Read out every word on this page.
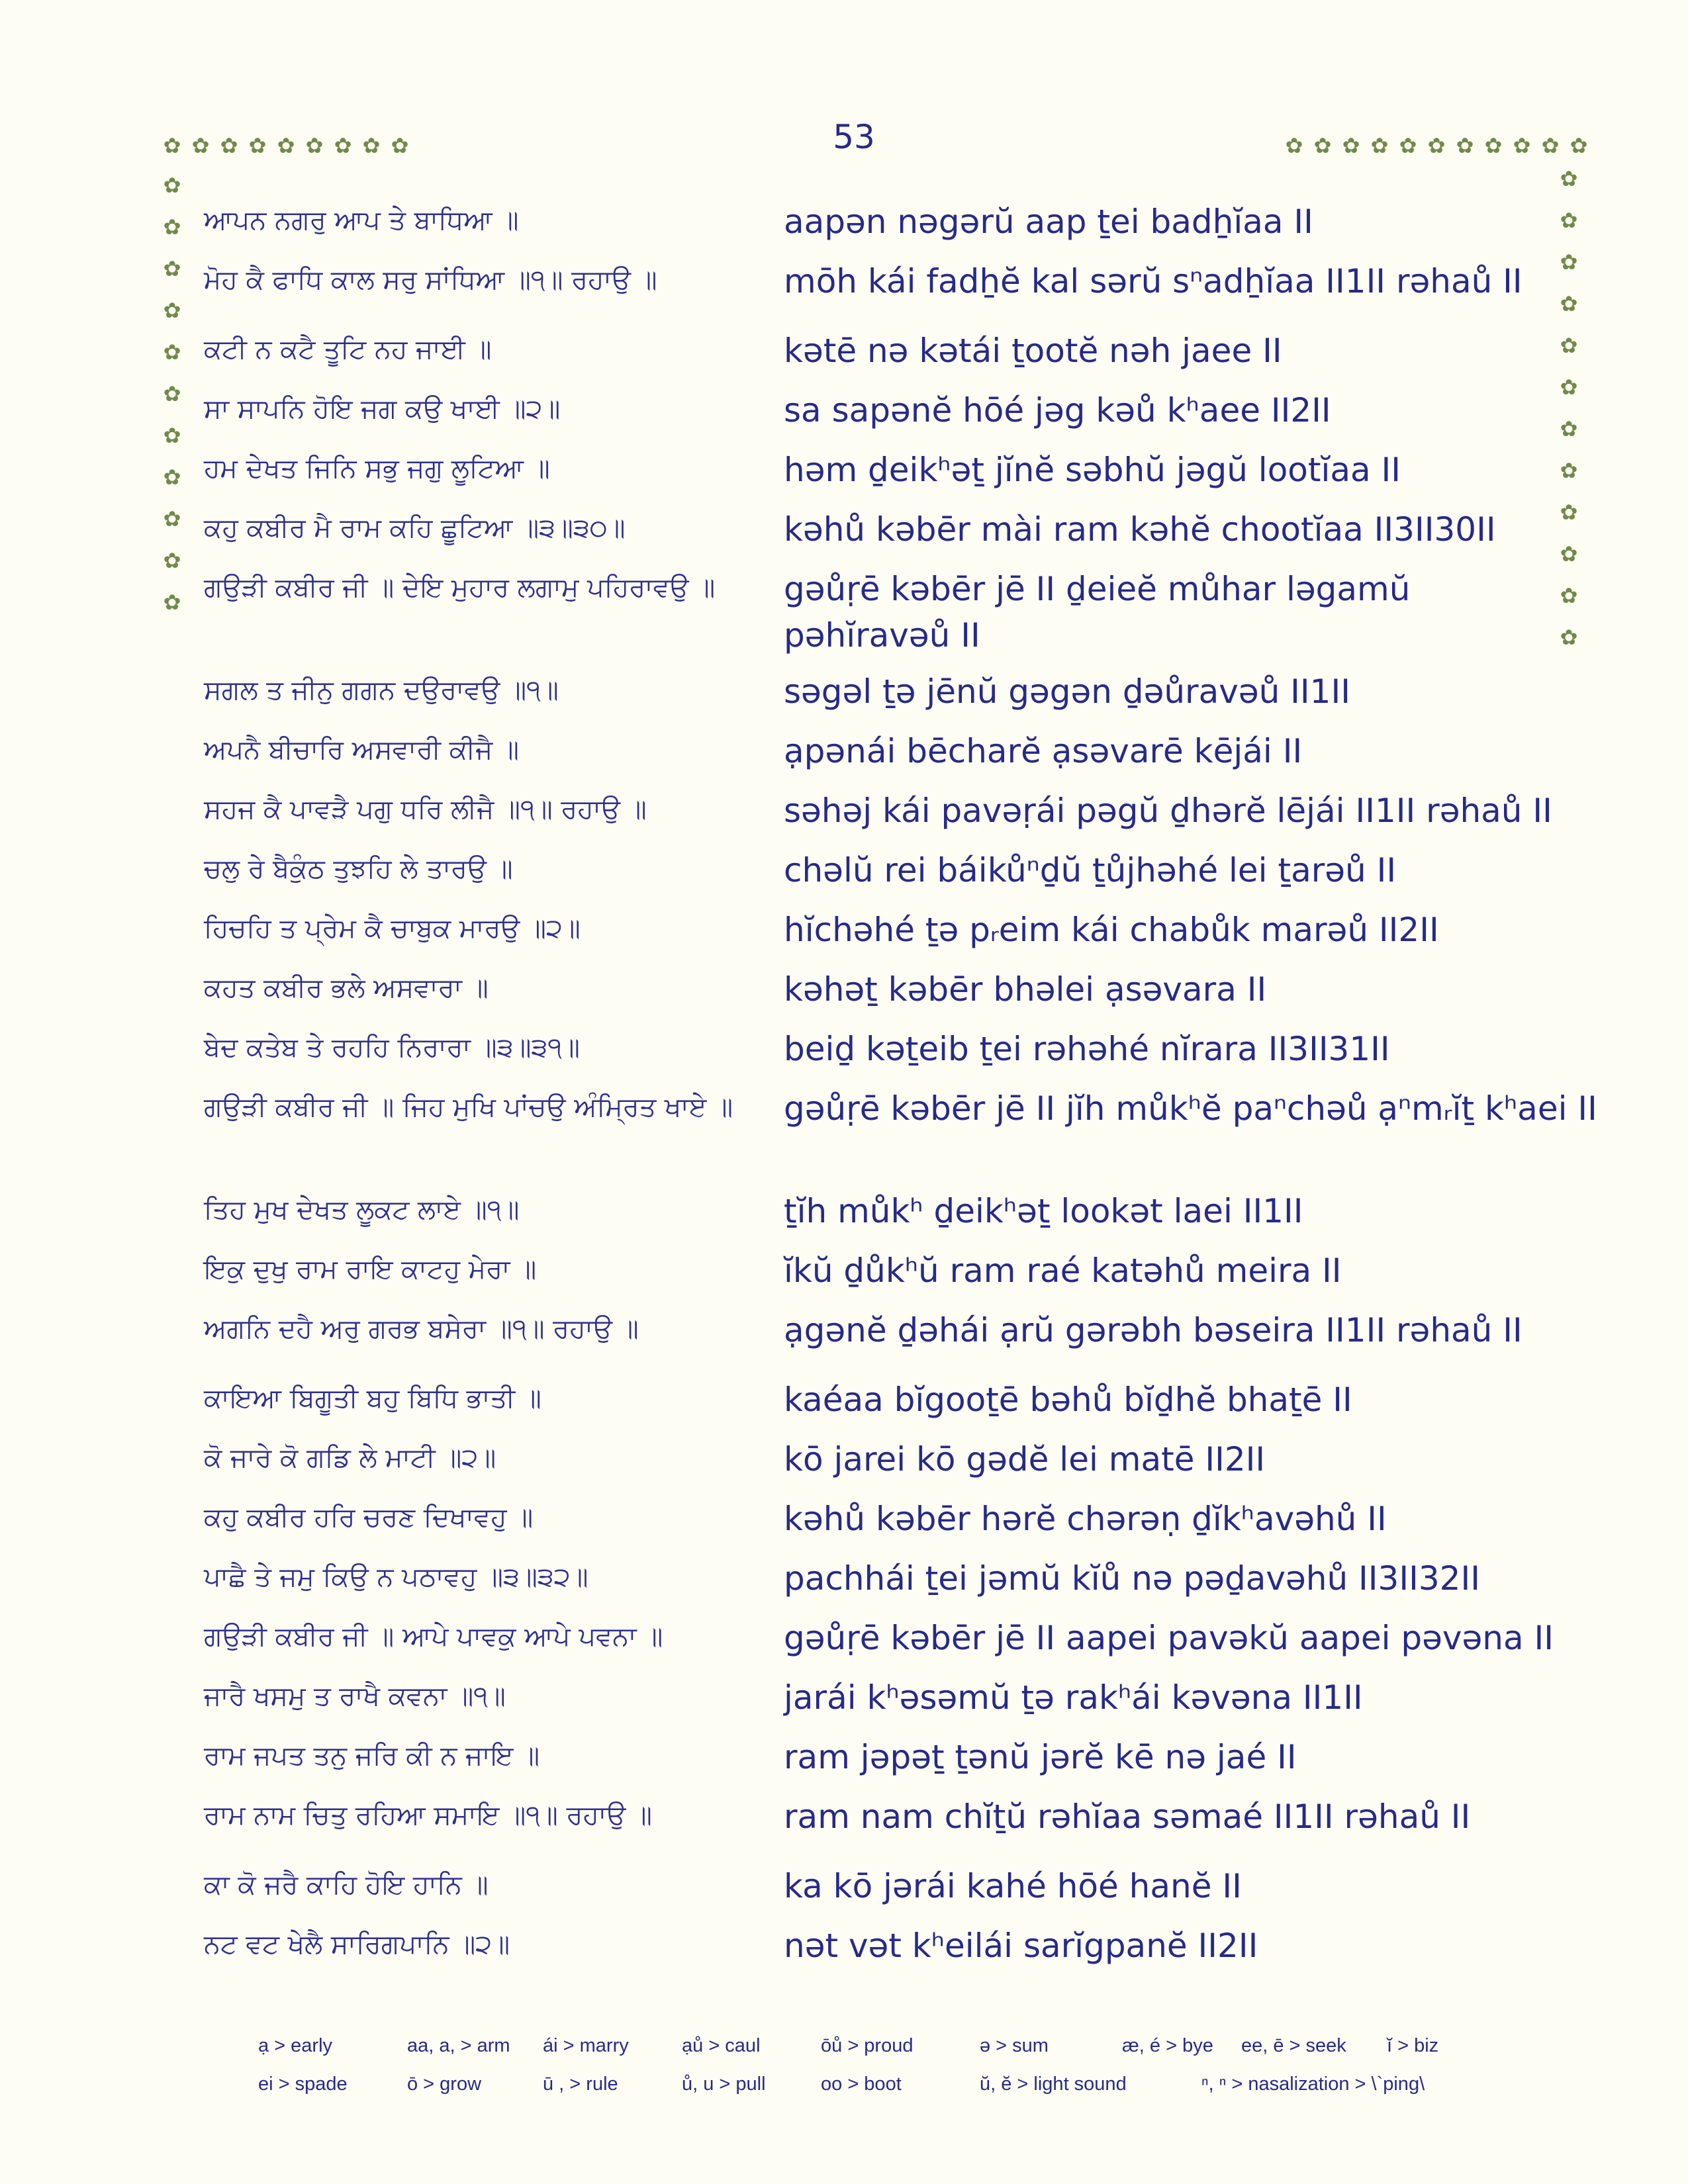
53
✿ ✿ ✿ ✿ ✿ ✿ ✿ ✿ ✿	✿ ✿ ✿ ✿ ✿ ✿ ✿ ✿ ✿ ✿ ✿
✿
✿
✿
✿
✿
✿
✿
✿
✿
✿
✿
✿
✿
✿
✿
✿
✿
✿
✿
✿
✿
✿
✿
ਆਪਨ ਨਗਰੁ ਆਪ ਤੇ ਬਾਧਿਆ ॥	aapən nəgərŭ aap ṯei badẖĭaa II
ਮੋਹ ਕੈ ਫਾਧਿ ਕਾਲ ਸਰੁ ਸਾਂਧਿਆ ॥੧॥ ਰਹਾਉ ॥	mōh kái fadẖĕ kal sərŭ sⁿadẖĭaa II1II rəhaů II
ਕਟੀ ਨ ਕਟੈ ਤੂਟਿ ਨਹ ਜਾਈ ॥	kətē nə kətái ṯootĕ nəh jaee II
ਸਾ ਸਾਪਨਿ ਹੋਇ ਜਗ ਕਉ ਖਾਈ ॥੨॥	sa sapənĕ hōé jəg kəů kʰaee II2II
ਹਮ ਦੇਖਤ ਜਿਨਿ ਸਭੁ ਜਗੁ ਲੂਟਿਆ ॥	həm ḏeikʰəṯ jĭnĕ səbhŭ jəgŭ lootĭaa II
ਕਹੁ ਕਬੀਰ ਮੈ ਰਾਮ ਕਹਿ ਛੂਟਿਆ ॥੩॥੩੦॥	kəhů kəbēr mài ram kəhĕ chootĭaa II3II30II
ਗਉੜੀ ਕਬੀਰ ਜੀ ॥ ਦੇਇ ਮੁਹਾਰ ਲਗਾਮੁ ਪਹਿਰਾਵਉ ॥	gəůṛē kəbēr jē II ḏeieĕ můhar ləgamŭ pəhĭravəů II
ਸਗਲ ਤ ਜੀਨੁ ਗਗਨ ਦਉਰਾਵਉ ॥੧॥	səgəl ṯə jēnŭ gəgən ḏəůravəů II1II
ਅਪਨੈ ਬੀਚਾਰਿ ਅਸਵਾਰੀ ਕੀਜੈ ॥	ạpənái bēcharĕ ạsəvarē kējái II
ਸਹਜ ਕੈ ਪਾਵੜੈ ਪਗੁ ਧਰਿ ਲੀਜੈ ॥੧॥ ਰਹਾਉ ॥	səhəj kái pavəṛái pəgŭ ḏhərĕ lējái II1II rəhaů II
ਚਲੁ ਰੇ ਬੈਕੁੰਠ ਤੁਝਹਿ ਲੇ ਤਾਰਉ ॥	chəlŭ rei báikůⁿḏŭ ṯůjhəhé lei ṯarəů II
ਹਿਚਹਿ ਤ ਪ੍ਰੇਮ ਕੈ ਚਾਬੁਕ ਮਾਰਉ ॥੨॥	hĭchəhé ṯə pᵣeim kái chabůk marəů II2II
ਕਹਤ ਕਬੀਰ ਭਲੇ ਅਸਵਾਰਾ ॥	kəhəṯ kəbēr bhəlei ạsəvara II
ਬੇਦ ਕਤੇਬ ਤੇ ਰਹਹਿ ਨਿਰਾਰਾ ॥੩॥੩੧॥	beiḏ kəṯeib ṯei rəhəhé nĭrara II3II31II
ਗਉੜੀ ਕਬੀਰ ਜੀ ॥ ਜਿਹ ਮੁਖਿ ਪਾਂਚਉ ਅੰਮ੍ਰਿਤ ਖਾਏ ॥	gəůṛē kəbēr jē II jĭh můkʰĕ paⁿchəů ạⁿmᵣĭṯ kʰaei II
ਤਿਹ ਮੁਖ ਦੇਖਤ ਲੂਕਟ ਲਾਏ ॥੧॥	ṯĭh můkʰ ḏeikʰəṯ lookət laei II1II
ਇਕੁ ਦੁਖੁ ਰਾਮ ਰਾਇ ਕਾਟਹੁ ਮੇਰਾ ॥	ĭkŭ ḏůkʰŭ ram raé katəhů meira II
ਅਗਨਿ ਦਹੈ ਅਰੁ ਗਰਭ ਬਸੇਰਾ ॥੧॥ ਰਹਾਉ ॥	ạgənĕ ḏəhái ạrŭ gərəbh bəseira II1II rəhaů II
ਕਾਇਆ ਬਿਗੂਤੀ ਬਹੁ ਬਿਧਿ ਭਾਤੀ ॥	kaéaa bĭgooṯē bəhů bĭḏhĕ bhaṯē II
ਕੋ ਜਾਰੇ ਕੋ ਗਡਿ ਲੇ ਮਾਟੀ ॥੨॥	kō jarei kō gədĕ lei matē II2II
ਕਹੁ ਕਬੀਰ ਹਰਿ ਚਰਣ ਦਿਖਾਵਹੁ ॥	kəhů kəbēr hərĕ chərəṇ ḏĭkʰavəhů II
ਪਾਛੈ ਤੇ ਜਮੁ ਕਿਉ ਨ ਪਠਾਵਹੁ ॥੩॥੩੨॥	pachhái ṯei jəmŭ kĭů nə pəḏavəhů II3II32II
ਗਉੜੀ ਕਬੀਰ ਜੀ ॥ ਆਪੇ ਪਾਵਕੁ ਆਪੇ ਪਵਨਾ ॥	gəůṛē kəbēr jē II aapei pavəkŭ aapei pəvəna II
ਜਾਰੈ ਖਸਮੁ ਤ ਰਾਖੈ ਕਵਨਾ ॥੧॥	jarái kʰəsəmŭ ṯə rakʰái kəvəna II1II
ਰਾਮ ਜਪਤ ਤਨੁ ਜਰਿ ਕੀ ਨ ਜਾਇ ॥	ram jəpəṯ ṯənŭ jərĕ kē nə jaé II
ਰਾਮ ਨਾਮ ਚਿਤੁ ਰਹਿਆ ਸਮਾਇ ॥੧॥ ਰਹਾਉ ॥	ram nam chĭṯŭ rəhĭaa səmaé II1II rəhaů II
ਕਾ ਕੋ ਜਰੈ ਕਾਹਿ ਹੋਇ ਹਾਨਿ ॥	ka kō jərái kahé hōé hanĕ II
ਨਟ ਵਟ ਖੇਲੈ ਸਾਰਿਗਪਾਨਿ ॥੨॥	nət vət kʰeilái sarĭgpanĕ II2II
ạ > early	aa, a, > arm ái > marry	ạů > caul	ōů > proud	ə > sum	æ, é > bye ee, ē > seek ĭ > biz
ei > spade	ō > grow	ū , > rule	ů, u > pull	oo > boot	ŭ, ĕ > light sound	ⁿ, ⁿ > nasalization > \`ping\
